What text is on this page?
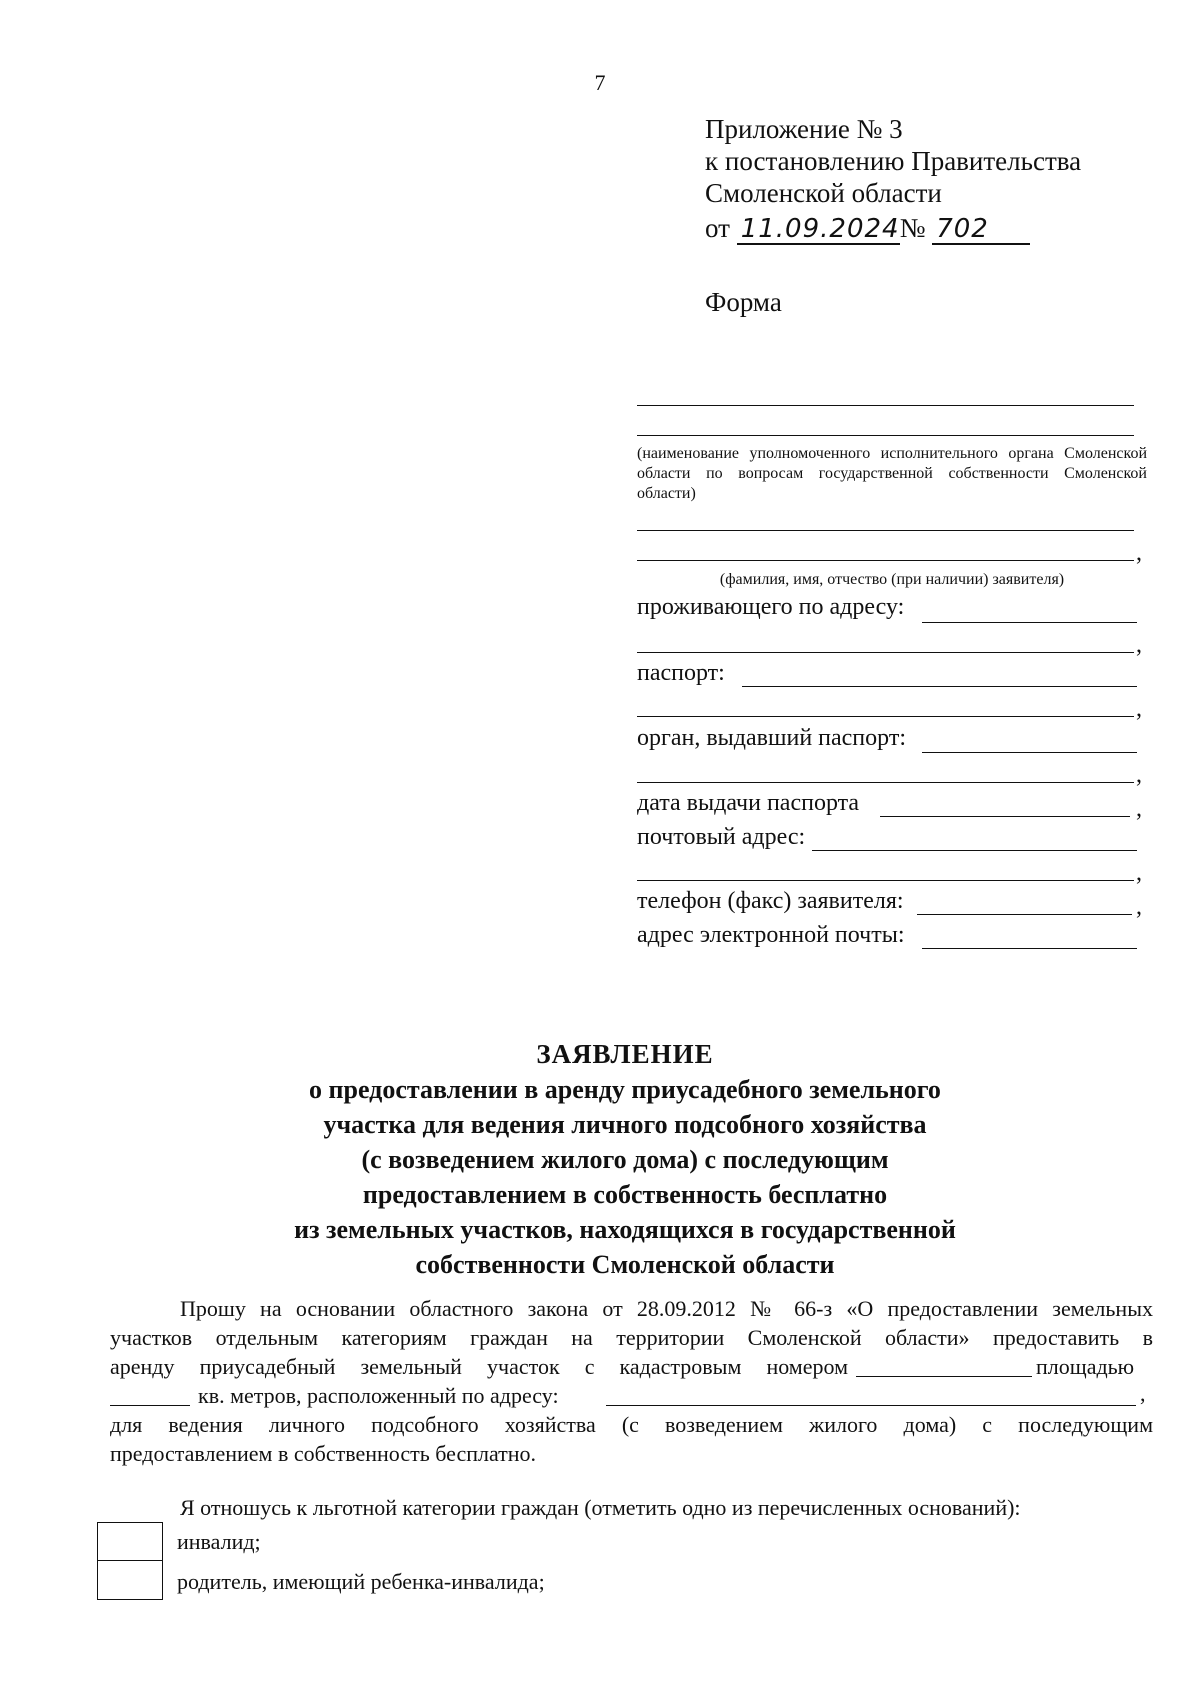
7
Приложение № 3
к постановлению Правительства
Смоленской области
от 11.09.2024№ 702
Форма
(наименование уполномоченного исполнительного органа Смоленской области по вопросам государственной собственности Смоленской области)
,
(фамилия, имя, отчество (при наличии) заявителя)
проживающего по адресу:
,
паспорт:
,
орган, выдавший паспорт:
,
дата выдачи паспорта	,
почтовый адрес:
,
телефон (факс) заявителя:	,
адрес электронной почты:
ЗАЯВЛЕНИЕ
о предоставлении в аренду приусадебного земельного
участка для ведения личного подсобного хозяйства
(с возведением жилого дома) с последующим
предоставлением в собственность бесплатно
из земельных участков, находящихся в государственной
собственности Смоленской области
Прошу на основании областного закона от 28.09.2012 № 66-з «О предоставлении земельных
участков отдельным категориям граждан на территории Смоленской области» предоставить в
аренду приусадебный земельный участок с кадастровым номером	площадью
кв. метров, расположенный по адресу:	,
для ведения личного подсобного хозяйства (с возведением жилого дома) с последующим
предоставлением в собственность бесплатно.
Я отношусь к льготной категории граждан (отметить одно из перечисленных оснований):
инвалид;
родитель, имеющий ребенка-инвалида;
